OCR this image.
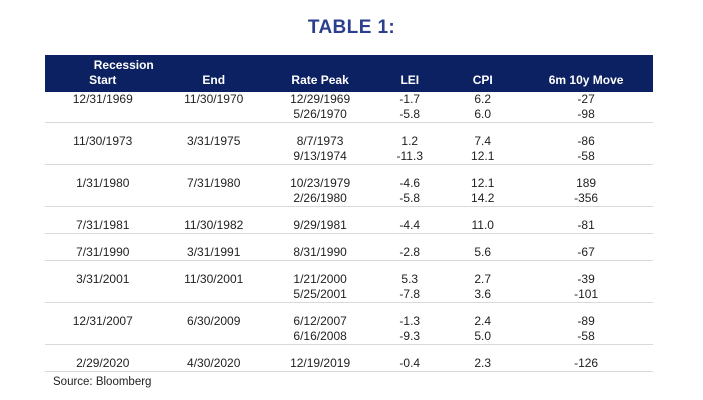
TABLE 1:
Recession
Start	End	Rate Peak	LEI	CPI	6m 10y Move

12/31/1969	11/30/1970	12/29/1969	-1.7	6.2	-27
		5/26/1970	-5.8	6.0	-98

11/30/1973	3/31/1975	8/7/1973	1.2	7.4	-86
		9/13/1974	-11.3	12.1	-58

1/31/1980	7/31/1980	10/23/1979	-4.6	12.1	189
		2/26/1980	-5.8	14.2	-356

7/31/1981	11/30/1982	9/29/1981	-4.4	11.0	-81

7/31/1990	3/31/1991	8/31/1990	-2.8	5.6	-67

3/31/2001	11/30/2001	1/21/2000	5.3	2.7	-39
		5/25/2001	-7.8	3.6	-101

12/31/2007	6/30/2009	6/12/2007	-1.3	2.4	-89
		6/16/2008	-9.3	5.0	-58

2/29/2020	4/30/2020	12/19/2019	-0.4	2.3	-126
Source: Bloomberg
